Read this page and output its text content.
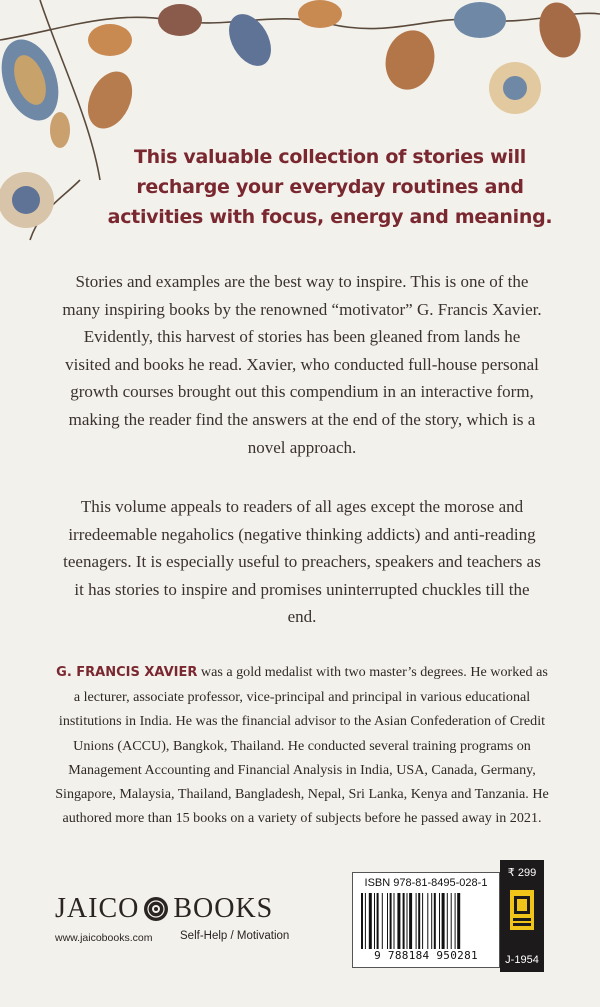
This valuable collection of stories will recharge your everyday routines and activities with focus, energy and meaning.

Stories and examples are the best way to inspire. This is one of the many inspiring books by the renowned “motivator” G. Francis Xavier. Evidently, this harvest of stories has been gleaned from lands he visited and books he read. Xavier, who conducted full-house personal growth courses brought out this compendium in an interactive form, making the reader find the answers at the end of the story, which is a novel approach.

This volume appeals to readers of all ages except the morose and irredeemable negaholics (negative thinking addicts) and anti-reading teenagers. It is especially useful to preachers, speakers and teachers as it has stories to inspire and promises uninterrupted chuckles till the end.

G. FRANCIS XAVIER was a gold medalist with two master’s degrees. He worked as a lecturer, associate professor, vice-principal and principal in various educational institutions in India. He was the financial advisor to the Asian Confederation of Credit Unions (ACCU), Bangkok, Thailand. He conducted several training programs on Management Accounting and Financial Analysis in India, USA, Canada, Germany, Singapore, Malaysia, Thailand, Bangladesh, Nepal, Sri Lanka, Kenya and Tanzania. He authored more than 15 books on a variety of subjects before he passed away in 2021.

JAICO BOOKS
www.jaicobooks.com Self-Help / Motivation
ISBN 978-81-8495-028-1
9 788184 950281
₹ 299
J-1954
